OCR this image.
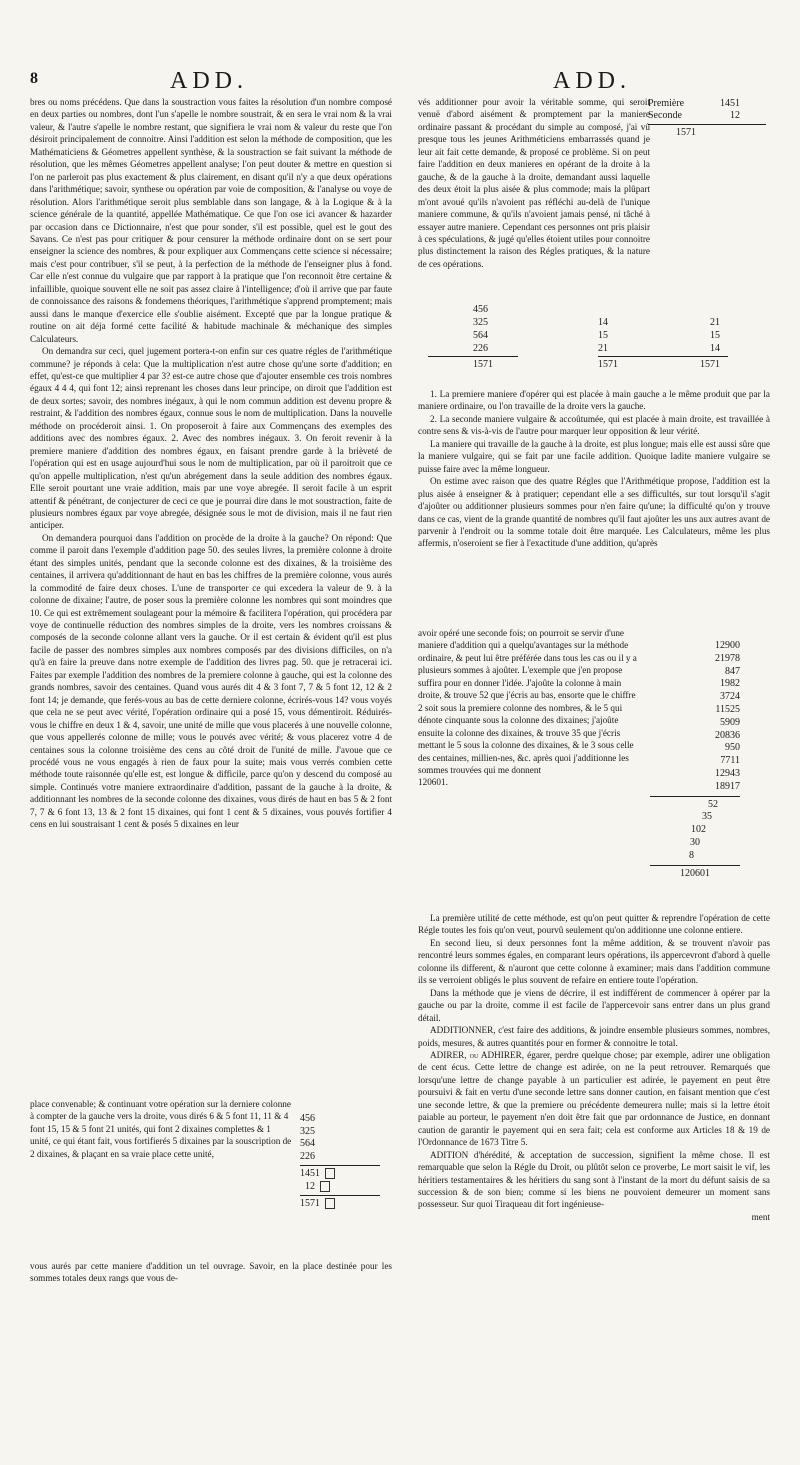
8	ADD.	ADD.

bres ou noms précédens. Que dans la soustraction vous faites la résolution d'un nombre composé en deux parties ou nombres, dont l'un s'apelle le nombre soustrait, & en sera le vrai nom & la vrai valeur, & l'autre s'apelle le nombre restant, que signifiera le vrai nom & valeur du reste que l'on désiroit principalement de connoitre. Ainsi l'addition est selon la méthode de composition, que les Mathématiciens & Géometres appellent synthèse, & la soustraction se fait suivant la méthode de résolution, que les mêmes Géometres appellent analyse; l'on peut douter & mettre en question si l'on ne parleroit pas plus exactement & plus clairement, en disant qu'il n'y a que deux opérations dans l'arithmétique; savoir, synthese ou opération par voie de composition, & l'analyse ou voye de résolution. Alors l'arithmétique seroit plus semblable dans son langage, & à la Logique & à la science générale de la quantité, appellée Mathématique. Ce que l'on ose ici avancer & hazarder par occasion dans ce Dictionnaire, n'est que pour sonder, s'il est possible, quel est le gout des Savans. Ce n'est pas pour critiquer & pour censurer la méthode ordinaire dont on se sert pour enseigner la science des nombres, & pour expliquer aux Commençans cette science si nécessaire; mais c'est pour contribuer, s'il se peut, à la perfection de la méthode de l'enseigner plus à fond. Car elle n'est connue du vulgaire que par rapport à la pratique que l'on reconnoit être certaine & infaillible, quoique souvent elle ne soit pas assez claire à l'intelligence; d'où il arrive que par faute de connoissance des raisons & fondemens théoriques, l'arithmétique s'apprend promptement; mais aussi dans le manque d'exercice elle s'oublie aisément. Excepté que par la longue pratique & routine on ait déja formé cette facilité & habitude machinale & méchanique des simples Calculateurs.

On demandra sur ceci, quel jugement portera-t-on enfin sur ces quatre régles de l'arithmétique commune? je réponds à cela: Que la multiplication n'est autre chose qu'une sorte d'addition; en effet, qu'est-ce que multiplier 4 par 3? est-ce autre chose que d'ajouter ensemble ces trois nombres égaux 4 4 4, qui font 12; ainsi reprenant les choses dans leur principe, on diroit que l'addition est de deux sortes; savoir, des nombres inégaux, à qui le nom commun addition est devenu propre & restraint, & l'addition des nombres égaux, connue sous le nom de multiplication. Dans la nouvelle méthode on procéderoit ainsi. 1. On proposeroit à faire aux Commençans des exemples des additions avec des nombres égaux. 2. Avec des nombres inégaux. 3. On feroit revenir à la premiere maniere d'addition des nombres égaux, en faisant prendre garde à la brièveté de l'opération qui est en usage aujourd'hui sous le nom de multiplication, par où il paroitroit que ce qu'on appelle multiplication, n'est qu'un abrégement dans la seule addition des nombres égaux. Elle seroit pourtant une vraie addition, mais par une voye abregée. Il seroit facile à un esprit attentif & pénétrant, de conjecturer de ceci ce que je pourrai dire dans le mot soustraction, faite de plusieurs nombres égaux par voye abregée, désignée sous le mot de division, mais il ne faut rien anticiper.

On demandera pourquoi dans l'addition on procède de la droite à la gauche? On répond: Que comme il paroit dans l'exemple d'addition page 50. des seules livres, la première colonne à droite étant des simples unités, pendant que la seconde colonne est des dixaines, & la troisième des centaines, il arrivera qu'additionnant de haut en bas les chiffres de la première colonne, vous aurés la commodité de faire deux choses. L'une de transporter ce qui excedera la valeur de 9. à la colonne de dixaine; l'autre, de poser sous la première colonne les nombres qui sont moindres que 10. Ce qui est extrêmement soulageant pour la mémoire & facilitera l'opération, qui procédera par voye de continuelle réduction des nombres simples de la droite, vers les nombres croissans & composés de la seconde colonne allant vers la gauche. Or il est certain & évident qu'il est plus facile de passer des nombres simples aux nombres composés par des divisions difficiles, on n'a qu'à en faire la preuve dans notre exemple de l'addition des livres pag. 50. que je retracerai ici. Faites par exemple l'addition des nombres de la premiere colonne à gauche, qui est la colonne des grands nombres, savoir des centaines. Quand vous aurés dit 4 & 3 font 7, 7 & 5 font 12, 12 & 2 font 14; je demande, que ferés-vous au bas de cette derniere colonne, écrirés-vous 14? vous voyés que cela ne se peut avec vérité, l'opération ordinaire qui a posé 15, vous démentiroit. Réduirés-vous le chiffre en deux 1 & 4, savoir, une unité de mille que vous placerés à une nouvelle colonne, que vous appellerés colonne de mille; vous le pouvés avec vérité; & vous placerez votre 4 de centaines sous la colonne troisième des cens au côté droit de l'unité de mille. J'avoue que ce procédé vous ne vous engagés à rien de faux pour la suite; mais vous verrés combien cette méthode toute raisonnée qu'elle est, est longue & difficile, parce qu'on y descend du composé au simple. Continués votre maniere extraordinaire d'addition, passant de la gauche à la droite, & additionnant les nombres de la seconde colonne des dixaines, vous dirés de haut en bas 5 & 2 font 7, 7 & 6 font 13, 13 & 2 font 15 dixaines, qui font 1 cent & 5 dixaines, vous pouvés fortifier 4 cens en lui soustraisant 1 cent & posés 5 dixaines en leur

place convenable; & continuant votre opération sur la derniere colonne à compter de la gauche vers la droite, vous dirés 6 & 5 font 11, 11 & 4 font 15, 15 & 5 font 21 unités, qui font 2 dixaines complettes & 1 unité, ce qui étant fait, vous fortifierés 5 dixaines par la souscription de 2 dixaines, & plaçant en sa vraie place cette unité,
456
325
564
226
1451
12
1571
vous aurés par cette maniere d'addition un tel ouvrage. Savoir, en la place destinée pour les sommes totales deux rangs que vous de-

vés additionner pour avoir la véritable somme, qui seroit venuë d'abord aisément & promptement par la maniere ordinaire passant & procédant du simple au composé, j'ai vû presque tous les jeunes Arithméticiens embarrassés quand je leur ait fait cette demande, & proposé ce problème. Si on peut faire l'addition en deux manieres en opérant de la droite à la gauche, & de la gauche à la droite, demandant aussi laquelle des deux étoit la plus aisée & plus commode; mais la plûpart m'ont avoué qu'ils n'avoient pas réfléchi au-delà de l'unique maniere commune, & qu'ils n'avoient jamais pensé, ni tâché à essayer autre maniere. Cependant ces personnes ont pris plaisir à ces spéculations, & jugé qu'elles étoient utiles pour connoitre plus distinctement la raison des Régles pratiques, & la nature de ces opérations.

Première	1451
Seconde	12
1571
456
325
564
226
1571
14	21
15	15
21	14
1571	1571

1. La premiere maniere d'opérer qui est placée à main gauche a le même produit que par la maniere ordinaire, ou l'on travaille de la droite vers la gauche.

2. La seconde maniere vulgaire & accoûtumée, qui est placée à main droite, est travaillée à contre sens & vis-à-vis de l'autre pour marquer leur opposition & leur vérité.

La maniere qui travaille de la gauche à la droite, est plus longue; mais elle est aussi sûre que la maniere vulgaire, qui se fait par une facile addition. Quoique ladite maniere vulgaire se puisse faire avec la même longueur.

On estime avec raison que des quatre Régles que l'Arithmétique propose, l'addition est la plus aisée à enseigner & à pratiquer; cependant elle a ses difficultés, sur tout lorsqu'il s'agit d'ajoûter ou additionner plusieurs sommes pour n'en faire qu'une; la difficulté qu'on y trouve dans ce cas, vient de la grande quantité de nombres qu'il faut ajoûter les uns aux autres avant de parvenir à l'endroit ou la somme totale doit être marquée. Les Calculateurs, même les plus affermis, n'oseroient se fier à l'exactitude d'une addition, qu'après

avoir opéré une seconde fois; on pourroit se servir d'une maniere d'addition qui a quelqu'avantages sur la méthode ordinaire, & peut lui être préférée dans tous les cas ou il y a plusieurs sommes à ajoûter. L'exemple que j'en propose suffira pour en donner l'idée. J'ajoûte la colonne à main droite, & trouve 52 que j'écris au bas, ensorte que le chiffre 2 soit sous la premiere colonne des nombres, & le 5 qui dénote cinquante sous la colonne des dixaines; j'ajoûte ensuite la colonne des dixaines, & trouve 35 que j'écris mettant le 5 sous la colonne des dixaines, & le 3 sous celle des centaines, millien-nes, &c. après quoi j'additionne les sommes trouvées qui me donnent
120601.
12900
21978
847
1982
3724
11525
5909
20836
950
7711
12943
18917
52
35
102
30
8
120601

La première utilité de cette méthode, est qu'on peut quitter & reprendre l'opération de cette Régle toutes les fois qu'on veut, pourvû seulement qu'on additionne une colonne entiere.

En second lieu, si deux personnes font la même addition, & se trouvent n'avoir pas rencontré leurs sommes égales, en comparant leurs opérations, ils appercevront d'abord à quelle colonne ils different, & n'auront que cette colonne à examiner; mais dans l'addition commune ils se verroient obligés le plus souvent de refaire en entiere toute l'opération.

Dans la méthode que je viens de décrire, il est indifférent de commencer à opérer par la gauche ou par la droite, comme il est facile de l'appercevoir sans entrer dans un plus grand détail.

ADDITIONNER, c'est faire des additions, & joindre ensemble plusieurs sommes, nombres, poids, mesures, & autres quantités pour en former & connoitre le total.

ADIRER, ou ADHIRER, égarer, perdre quelque chose; par exemple, adirer une obligation de cent écus. Cette lettre de change est adirée, on ne la peut retrouver. Remarqués que lorsqu'une lettre de change payable à un particulier est adirée, le payement en peut être poursuivi & fait en vertu d'une seconde lettre sans donner caution, en faisant mention que c'est une seconde lettre, & que la premiere ou précédente demeurera nulle; mais si la lettre étoit paiable au porteur, le payement n'en doit être fait que par ordonnance de Justice, en donnant caution de garantir le payement qui en sera fait; cela est conforme aux Articles 18 & 19 de l'Ordonnance de 1673 Titre 5.

ADITION d'hérédité, & acceptation de succession, signifient la même chose. Il est remarquable que selon la Régle du Droit, ou plûtôt selon ce proverbe, Le mort saisit le vif, les héritiers testamentaires & les héritiers du sang sont à l'instant de la mort du défunt saisis de sa succession & de son bien; comme si les biens ne pouvoient demeurer un moment sans possesseur. Sur quoi Tiraqueau dit fort ingénieuse-

ment
